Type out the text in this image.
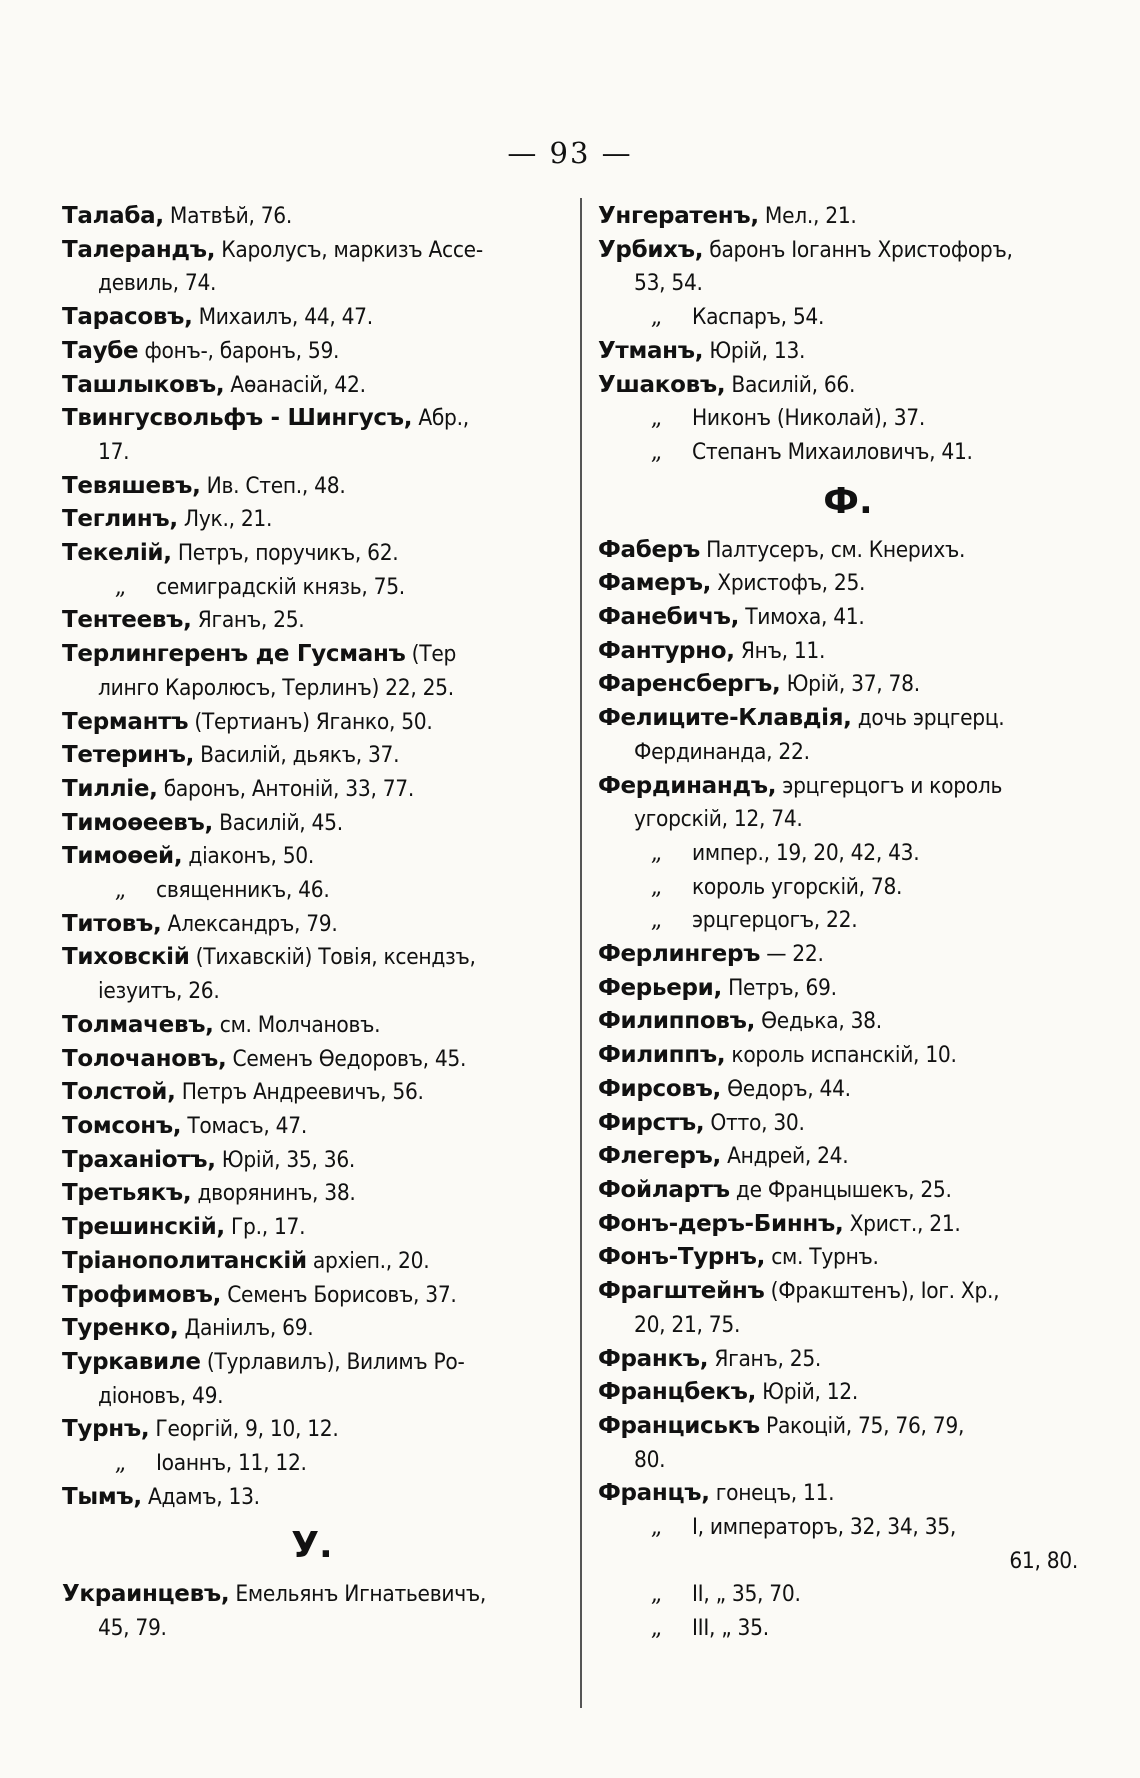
— 93 —
Талаба, Матвѣй, 76.
Талерандъ, Каролусъ, маркизъ Ассе-
девиль, 74.
Тарасовъ, Михаилъ, 44, 47.
Таубе фонъ-, баронъ, 59.
Ташлыковъ, Аѳанасій, 42.
Твингусвольфъ - Шингусъ, Абр.,
17.
Тевяшевъ, Ив. Степ., 48.
Теглинъ, Лук., 21.
Текелій, Петръ, поручикъ, 62.
„ семиградскій князь, 75.
Тентеевъ, Яганъ, 25.
Терлингеренъ де Гусманъ (Тер
линго Каролюсъ, Терлинъ) 22, 25.
Термантъ (Тертианъ) Яганко, 50.
Тетеринъ, Василій, дьякъ, 37.
Тилліе, баронъ, Антоній, 33, 77.
Тимоѳеевъ, Василій, 45.
Тимоѳей, діаконъ, 50.
„ священникъ, 46.
Титовъ, Александръ, 79.
Тиховскій (Тихавскій) Товія, ксендзъ,
іезуитъ, 26.
Толмачевъ, см. Молчановъ.
Толочановъ, Семенъ Ѳедоровъ, 45.
Толстой, Петръ Андреевичъ, 56.
Томсонъ, Томасъ, 47.
Траханіотъ, Юрій, 35, 36.
Третьякъ, дворянинъ, 38.
Трешинскій, Гр., 17.
Тріанополитанскій архіеп., 20.
Трофимовъ, Семенъ Борисовъ, 37.
Туренко, Даніилъ, 69.
Туркавиле (Турлавилъ), Вилимъ Ро-
діоновъ, 49.
Турнъ, Георгій, 9, 10, 12.
„ Іоаннъ, 11, 12.
Тымъ, Адамъ, 13.
У.
Украинцевъ, Емельянъ Игнатьевичъ,
45, 79.
Унгератенъ, Мел., 21.
Урбихъ, баронъ Іоганнъ Христофоръ,
53, 54.
„ Каспаръ, 54.
Утманъ, Юрій, 13.
Ушаковъ, Василій, 66.
„ Никонъ (Николай), 37.
„ Степанъ Михаиловичъ, 41.
Ф.
Фаберъ Палтусеръ, см. Кнерихъ.
Фамеръ, Христофъ, 25.
Фанебичъ, Тимоха, 41.
Фантурно, Янъ, 11.
Фаренсбергъ, Юрій, 37, 78.
Фелиците-Клавдія, дочь эрцгерц.
Фердинанда, 22.
Фердинандъ, эрцгерцогъ и король
угорскій, 12, 74.
„ импер., 19, 20, 42, 43.
„ король угорскій, 78.
„ эрцгерцогъ, 22.
Ферлингеръ — 22.
Ферьери, Петръ, 69.
Филипповъ, Ѳедька, 38.
Филиппъ, король испанскій, 10.
Фирсовъ, Ѳедоръ, 44.
Фирстъ, Отто, 30.
Флегеръ, Андрей, 24.
Фойлартъ де Францышекъ, 25.
Фонъ-деръ-Биннъ, Христ., 21.
Фонъ-Турнъ, см. Турнъ.
Фрагштейнъ (Фракштенъ), Іог. Хр.,
20, 21, 75.
Франкъ, Яганъ, 25.
Францбекъ, Юрій, 12.
Франциськъ Ракоцій, 75, 76, 79,
80.
Францъ, гонецъ, 11.
„ I, императоръ, 32, 34, 35,
61, 80.
„ II, „ 35, 70.
„ III, „ 35.
